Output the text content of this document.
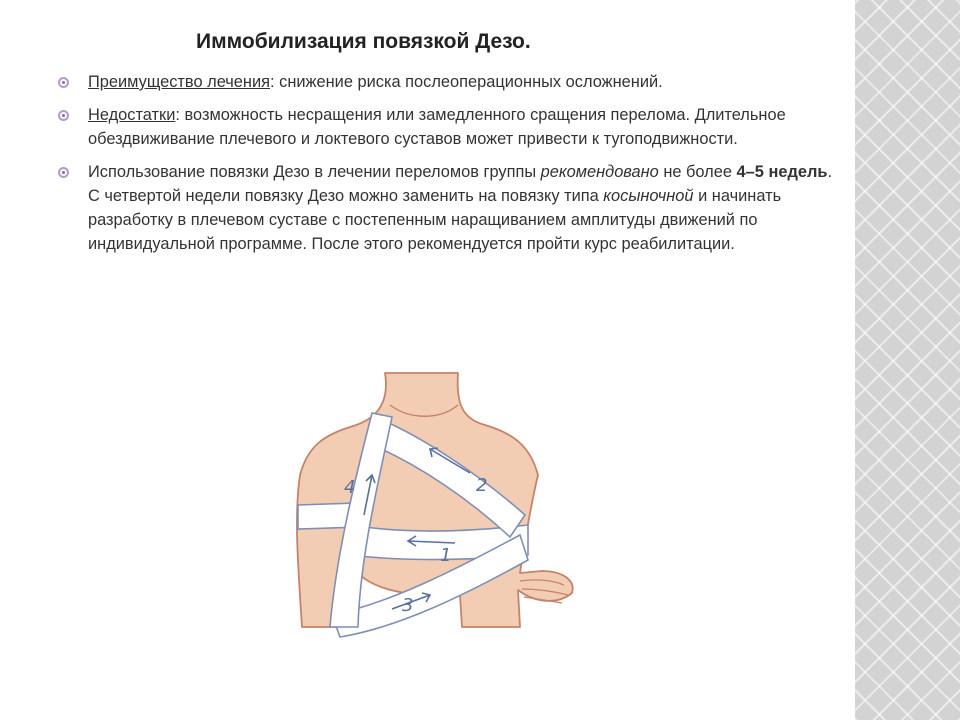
Иммобилизация повязкой Дезо.
Преимущество лечения: снижение риска послеоперационных осложнений.
Недостатки: возможность несращения или замедленного сращения перелома. Длительное обездвиживание плечевого и локтевого суставов может привести к тугоподвижности.
Использование повязки Дезо в лечении переломов группы рекомендовано не более 4–5 недель. С четвертой недели повязку Дезо можно заменить на повязку типа косыночной и начинать разработку в плечевом суставе с постепенным наращиванием амплитуды движений по индивидуальной программе. После этого рекомендуется пройти курс реабилитации.
1
2
3
4
